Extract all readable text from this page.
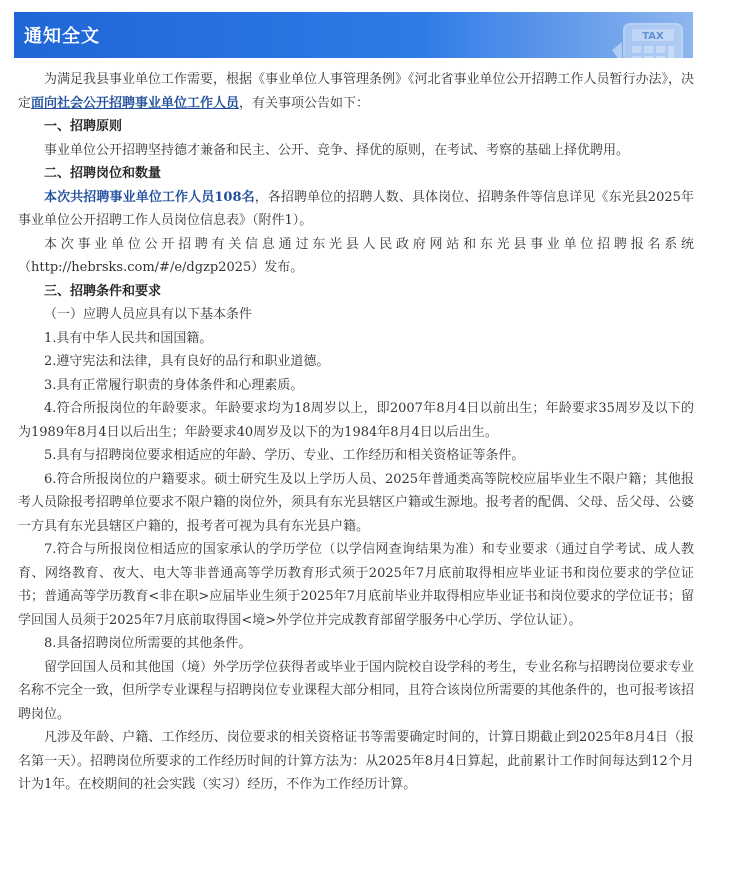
通知全文	TAX

为满足我县事业单位工作需要，根据《事业单位人事管理条例》《河北省事业单位公开招聘工作人员暂行办法》，决定面向社会公开招聘事业单位工作人员，有关事项公告如下：

一、招聘原则

事业单位公开招聘坚持德才兼备和民主、公开、竞争、择优的原则，在考试、考察的基础上择优聘用。

二、招聘岗位和数量

本次共招聘事业单位工作人员108名，各招聘单位的招聘人数、具体岗位、招聘条件等信息详见《东光县2025年事业单位公开招聘工作人员岗位信息表》（附件1）。

本次事业单位公开招聘有关信息通过东光县人民政府网站和东光县事业单位招聘报名系统（http://hebrsks.com/#/e/dgzp2025）发布。

三、招聘条件和要求

（一）应聘人员应具有以下基本条件

1.具有中华人民共和国国籍。

2.遵守宪法和法律，具有良好的品行和职业道德。

3.具有正常履行职责的身体条件和心理素质。

4.符合所报岗位的年龄要求。年龄要求均为18周岁以上，即2007年8月4日以前出生；年龄要求35周岁及以下的为1989年8月4日以后出生；年龄要求40周岁及以下的为1984年8月4日以后出生。

5.具有与招聘岗位要求相适应的年龄、学历、专业、工作经历和相关资格证等条件。

6.符合所报岗位的户籍要求。硕士研究生及以上学历人员、2025年普通类高等院校应届毕业生不限户籍；其他报考人员除报考招聘单位要求不限户籍的岗位外，须具有东光县辖区户籍或生源地。报考者的配偶、父母、岳父母、公婆一方具有东光县辖区户籍的，报考者可视为具有东光县户籍。

7.符合与所报岗位相适应的国家承认的学历学位（以学信网查询结果为准）和专业要求（通过自学考试、成人教育、网络教育、夜大、电大等非普通高等学历教育形式须于2025年7月底前取得相应毕业证书和岗位要求的学位证书；普通高等学历教育<非在职>应届毕业生须于2025年7月底前毕业并取得相应毕业证书和岗位要求的学位证书；留学回国人员须于2025年7月底前取得国<境>外学位并完成教育部留学服务中心学历、学位认证）。

8.具备招聘岗位所需要的其他条件。

留学回国人员和其他国（境）外学历学位获得者或毕业于国内院校自设学科的考生，专业名称与招聘岗位要求专业名称不完全一致，但所学专业课程与招聘岗位专业课程大部分相同，且符合该岗位所需要的其他条件的，也可报考该招聘岗位。

凡涉及年龄、户籍、工作经历、岗位要求的相关资格证书等需要确定时间的，计算日期截止到2025年8月4日（报名第一天）。招聘岗位所要求的工作经历时间的计算方法为：从2025年8月4日算起，此前累计工作时间每达到12个月计为1年。在校期间的社会实践（实习）经历，不作为工作经历计算。
